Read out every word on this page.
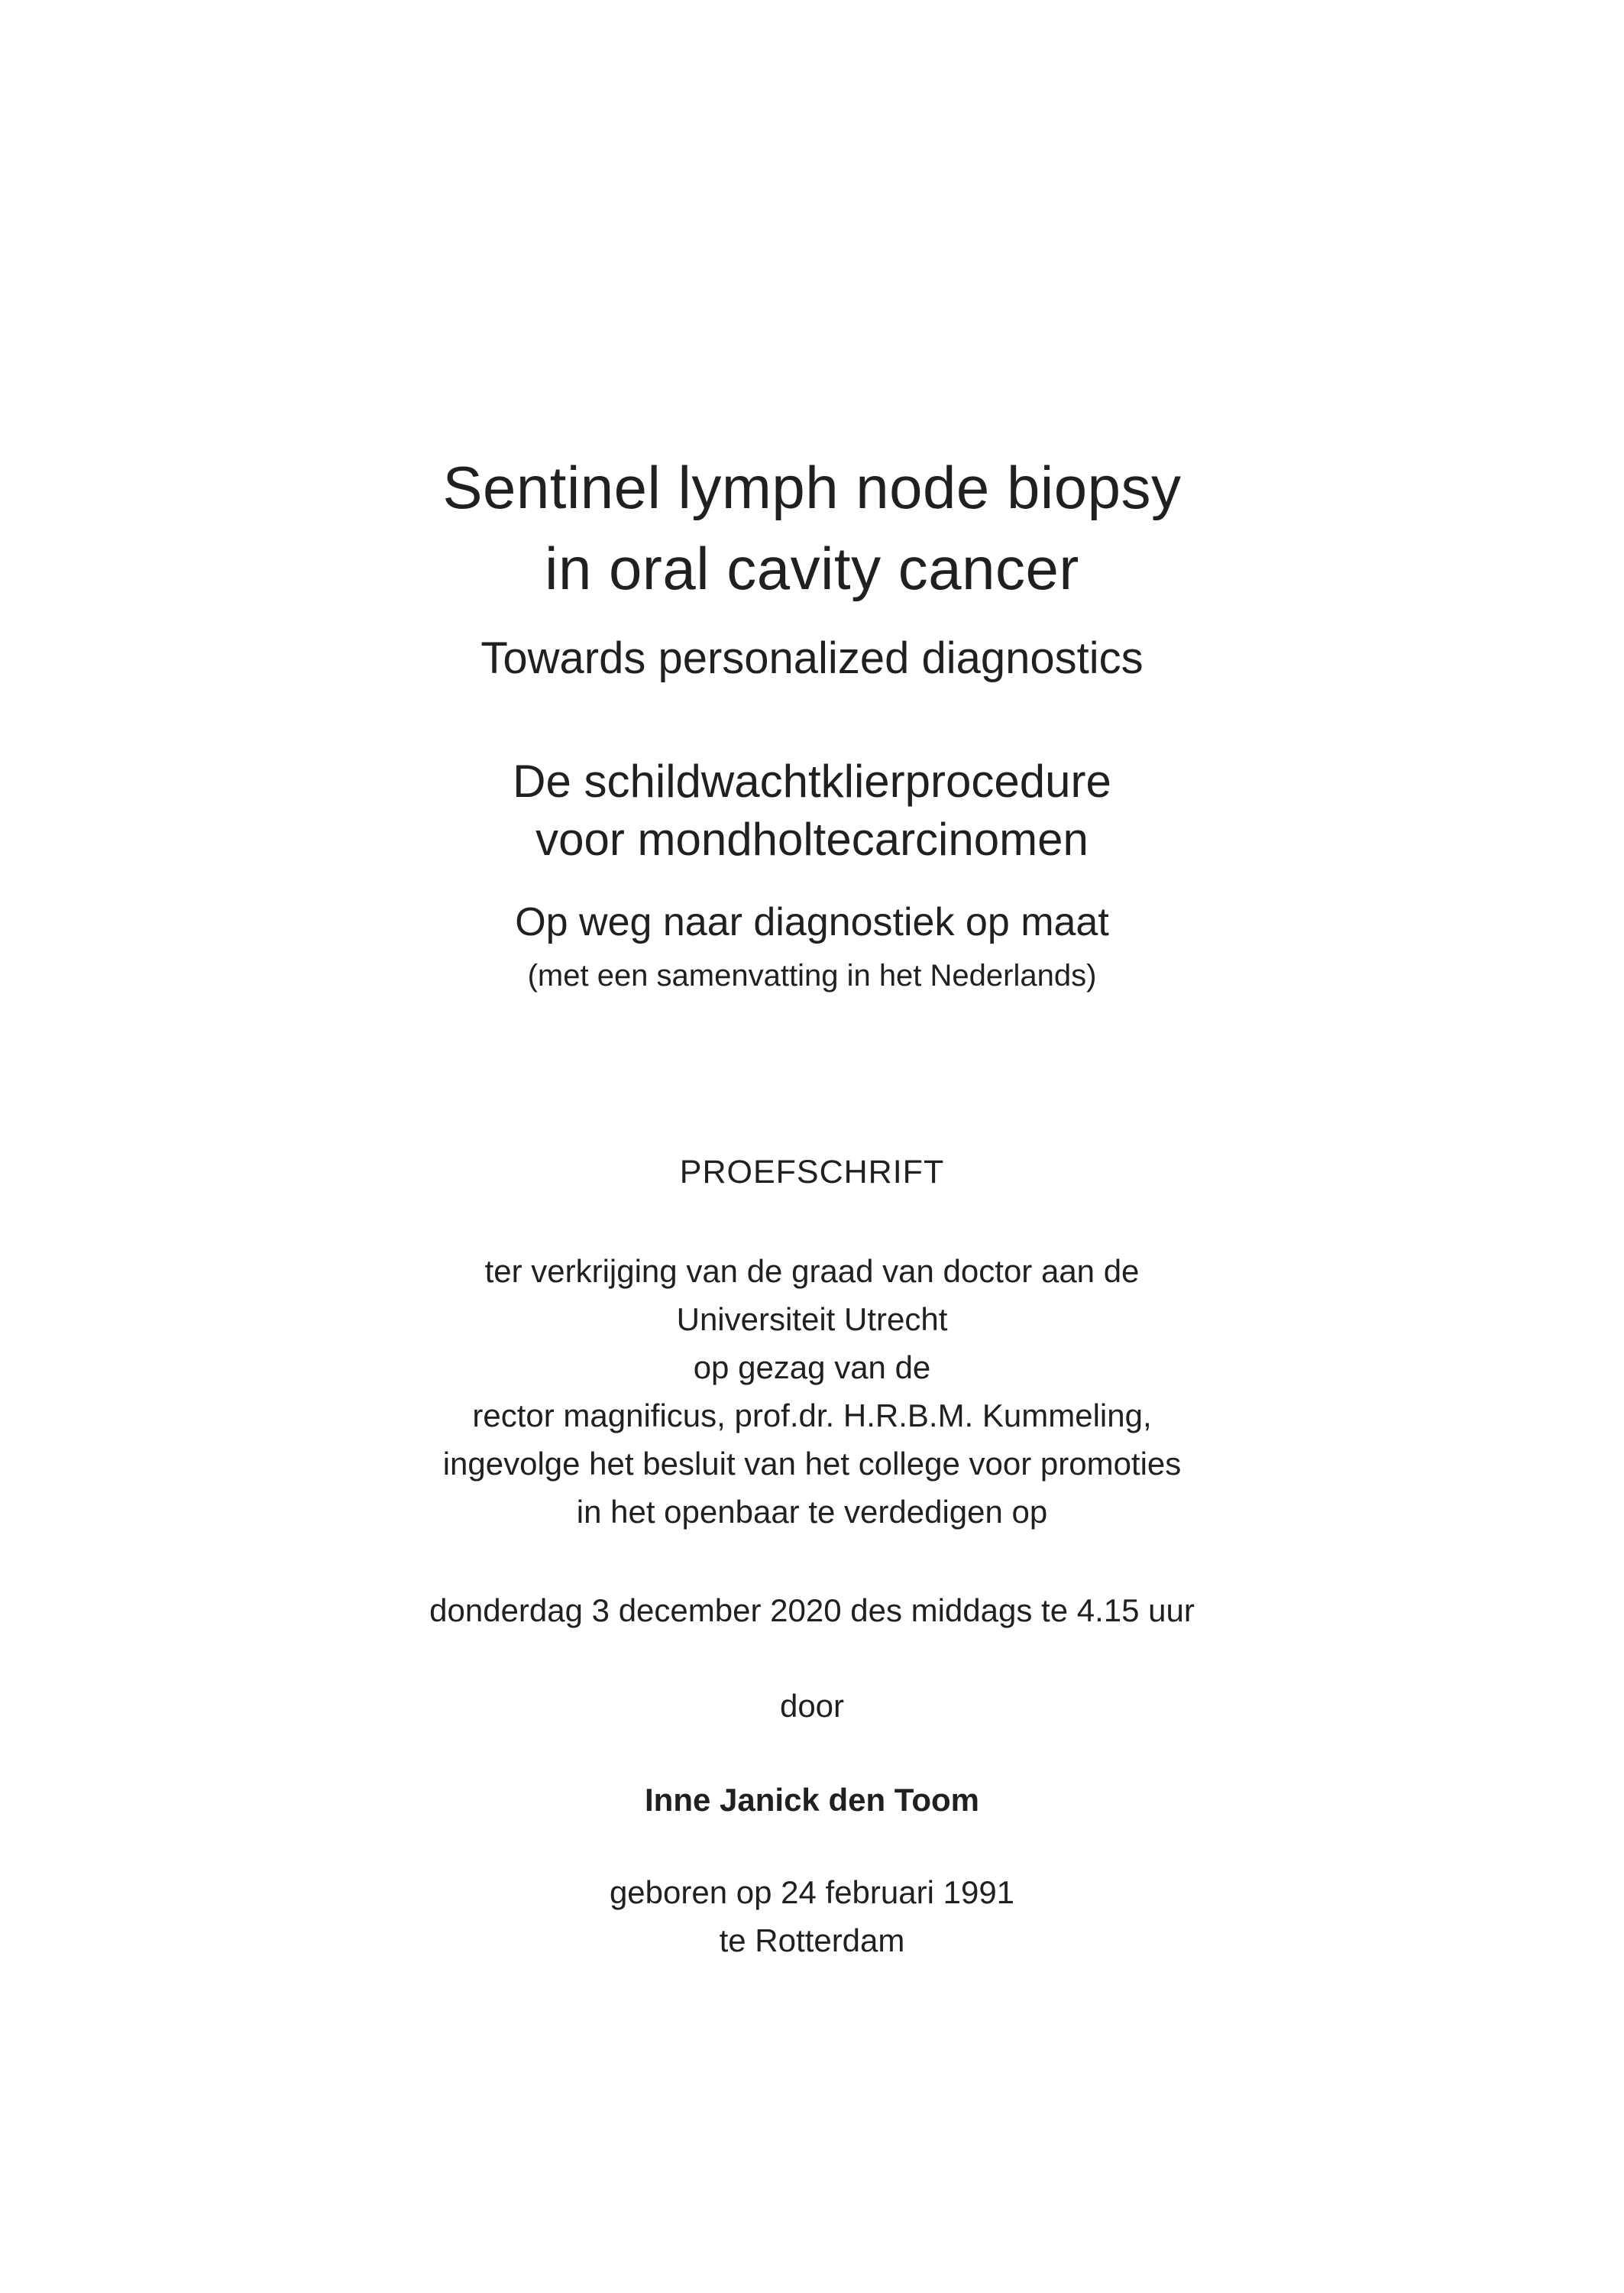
Sentinel lymph node biopsy
in oral cavity cancer
Towards personalized diagnostics
De schildwachtklierprocedure
voor mondholtecarcinomen
Op weg naar diagnostiek op maat
(met een samenvatting in het Nederlands)
PROEFSCHRIFT
ter verkrijging van de graad van doctor aan de
Universiteit Utrecht
op gezag van de
rector magnificus, prof.dr. H.R.B.M. Kummeling,
ingevolge het besluit van het college voor promoties
in het openbaar te verdedigen op
donderdag 3 december 2020 des middags te 4.15 uur
door
Inne Janick den Toom
geboren op 24 februari 1991
te Rotterdam
